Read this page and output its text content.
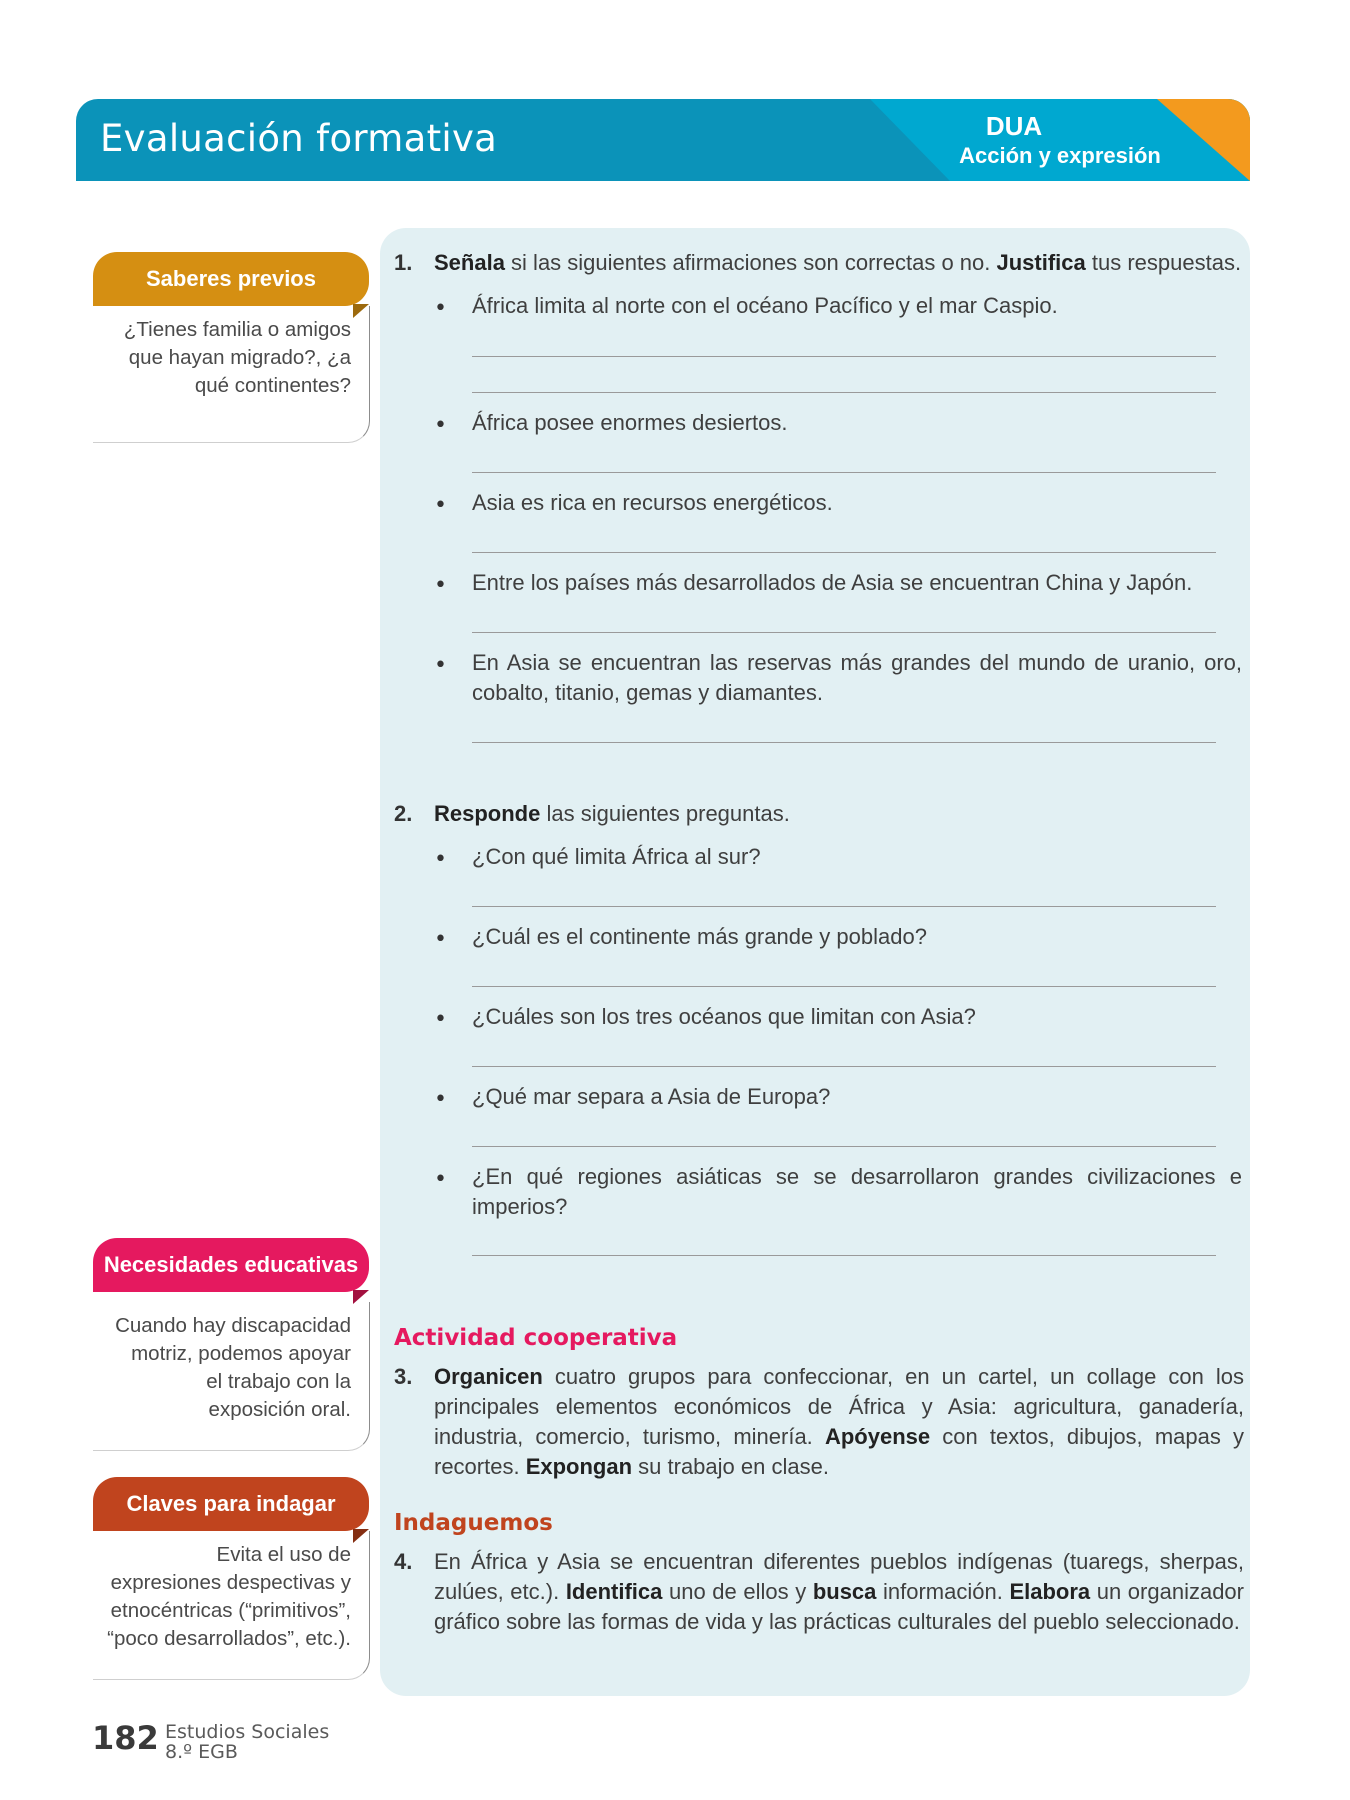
Evaluación formativa	DUA
Acción y expresión
Saberes previos
¿Tienes familia o amigos
que hayan migrado?, ¿a
qué continentes?
Necesidades educativas
Cuando hay discapacidad
motriz, podemos apoyar
el trabajo con la
exposición oral.
Claves para indagar
Evita el uso de
expresiones despectivas y
etnocéntricas (“primitivos”,
“poco desarrollados”, etc.).
1. Señala si las siguientes afirmaciones son correctas o no. Justifica tus respuestas.
• África limita al norte con el océano Pacífico y el mar Caspio.
• África posee enormes desiertos.
• Asia es rica en recursos energéticos.
• Entre los países más desarrollados de Asia se encuentran China y Japón.
• En Asia se encuentran las reservas más grandes del mundo de uranio, oro, cobalto, titanio, gemas y diamantes.
2. Responde las siguientes preguntas.
• ¿Con qué limita África al sur?
• ¿Cuál es el continente más grande y poblado?
• ¿Cuáles son los tres océanos que limitan con Asia?
• ¿Qué mar separa a Asia de Europa?
• ¿En qué regiones asiáticas se se desarrollaron grandes civilizaciones e imperios?
Actividad cooperativa
3. Organicen cuatro grupos para confeccionar, en un cartel, un collage con los principales elementos económicos de África y Asia: agricultura, ganadería, industria, comercio, turismo, minería. Apóyense con textos, dibujos, mapas y recortes. Expongan su trabajo en clase.
Indaguemos
4. En África y Asia se encuentran diferentes pueblos indígenas (tuaregs, sherpas, zulúes, etc.). Identifica uno de ellos y busca información. Elabora un organizador gráfico sobre las formas de vida y las prácticas culturales del pueblo seleccionado.
182 Estudios Sociales
8.º EGB
